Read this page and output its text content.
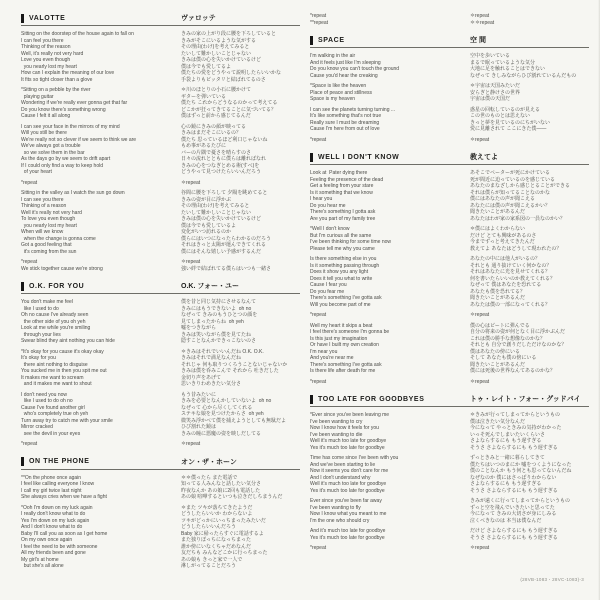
VALOTTE	ヴァロッテ
Sitting on the doorstep of the house again to fall on	きみの家の上がり段に腰を下ろしていると
I can feel you there	きみがそこにいるような気がする
Thinking of the reason	その理由(わけ)を考えてみると
Well, it's really not very hard	たいして難かしいことじゃない
Love you even though	きみは僕の心を失いかけているけど
you nearly lost my heart	僕は今でも愛してるよ
How can I explain the meaning of our love	僕たちの愛をどうやって説明したらいいかな
It fits so tight closer than a glove	手袋よりもピッタリと結ばれてるのさ
*Sitting on a pebble by the river	＊川のほとりの小石に腰かけて
playing guitar	ギターを弾いている
Wondering if we're really ever gonna get that far	僕たち これからどうなるのかって考えてる
Do you know there's something wrong	どこかが狂ってきてることに気づいてる？
Cause I felt it all along	僕はずっと前から感じてるんだ
I can see your face in the mirrors of my mind	心の鏡にきみの顔が映ってる
Will you still be there	きみはまだそこにいるの？
We're really not so clever if we seem to think we are	僕たち 思っているほど利口じゃないね
We've always got a trouble	もめ事があるたびに
so we solve them in the bar	バーの片隅で憂さを晴らすのさ
As the days go by we seem to drift apart	日々の流れとともに僕らは離ればなれ
If I could only find a way to keep hold	きみの心をつなぎとめる術(すべ)を
of your heart	どうやって見つけたらいいんだろう
*repeat	＊repeat
Sitting in the valley as I watch the sun go down	谷間に腰を下ろして 夕陽を眺めてると
I can see you there	きみの姿が目に浮かぶ
Thinking of a reason	その理由(わけ)を考えてみると
Well it's really not very hard	たいして難かしいことじゃない
To love you even though	きみは僕の心を失いかけているけど
you nearly lost my heart	僕は今でも愛しているよ
When will we know	変化がいつ訪れるのか
when the change is gonna come	僕らにはいつになったらわかるのだろう
Got a good feeling that	それはきっと太陽が運んできてくれる
it's coming from the sun	僕にはそんな嬉しい予感がするんだ
*repeat	＊repeat
We stick together cause we're strong	強い絆で結ばれてる僕らはいつも一緒さ
O.K. FOR YOU	O.K. フォー・ユー
You don't make me feel	僕を昔と同じ気持にさせるなんて
like I used to do	きみにはもうできないよ  oh no
Oh no cause I've already seen	なぜって きみのもうひとつの顔を
the other side of you oh yeh	見てしまったからね  oh yeh
Look at me while you're smiling	嘘をつきながら
through your lies	きみは笑いながら僕を見てたね
Swear blind they aint nothing you can hide	隠すことなんかできっこないのさ
*It's okay for you cause it's okay okay	＊きみはそれでいいんだね O.K. O.K.
It's okay for you	きみはそれで満足なんだね
there aint nothing to disguise	それじゃ 何も取りつくろうことないじゃないか
You sucked me in then you spit me out	きみは僕を呑みこんで それから 吐きだした
It makes me want to scream	金切り声をあげて
and it makes me want to shout	思いきりわめきたい気分さ
I don't need you now	もう昔みたいに
like I used to do oh no	きみを必要となんかしていないよ  oh no
Cause I've found another girl	なぜって 心から尽くしてくれる
who's completely true oh yeh	ステキな娘を見つけたからさ  oh yeh
Turn away try to catch me with your smile	微笑み浮かべて僕を捕えようとしても無駄だよ
Mirror cracked	ひび割れた鏡は
see the devil in your eyes	きみの瞳に悪魔の姿を映しだしてる
*repeat	＊repeat
ON THE PHONE	オン・ザ・ホーン
**On the phone once again	＊＊僕ったら また電話で
I feel like calling everyone I know	知ってる人みんなと話したい気分さ
I call my girl twice last night	昨夜なんか あの娘に2回も電話した
She always cries when we have a fight	あの娘 喧嘩するといつも泣きだしちまうんだ
*Ooh I'm down on my luck again	＊また ツキが落ちてきたようだ
I really don't know what to do	どうしたらいいか わからないよ
Yes I'm down on my luck again	ツキがどっかにいっちまったみたいだ
And I don't know what to do	どうしたらいいんだろう
Baby I'll call you as soon as I get home	Baby 家に帰ったらすぐに電話するよ
On my own once again	また独りぼっちになっちまった
I feel the need to be with someone	誰か傍にいなくちゃだめなんだ
All my friends been and gone	友だちも みんなどこかに行っちまった
My girl's at home	あの娘も きっと家で一人で
but she's all alone	淋しがってることだろう
*repeat	＊repeat
**repeat	＊＊repeat
SPACE	空 間
I'm walking in the air	空中を歩いている
And it feels just like I'm sleeping	まるで眠っているような気分
Do you know you can't touch the ground	大地に足を触れることはできない
Cause you'd hear the creaking	なぜって きしみながらひび割れているんだもの
*Space is like the heaven	＊宇宙は天国みたいだ
Place of peace and stillness	安らぎと静けさの世界
Space is my heaven	宇宙は僕の天国だ
I can see the planets turning turning ...	惑星の回転しているのが見える
It's like something that's not true	この世のものとは思えない
Really sure I must be dreaming	きっと夢を見ているのにちがいない
Cause I'm here from out of love	愛に見離されて ここにきた僕――
*repeat	＊repeat
WELL I DON'T KNOW	教えてよ
Look at  Pater dying there	あそこでペーターが死にかけている
Feeling the presence of the dead	死が間近に迫っているのを感じている
Get a feeling from your stare	あなたのまなざしから感じとることができる
Is it something that we know	それは僕らが知ってることなのかな
I hear you	僕にはあなたの声が聞こえる
Do you hear me	あなたには僕の声が聞こえるかい？
There's something I gotta ask	聞きたいことがあるんだ
Are you part of my family tree	あなたはわが家の家系図の一員なのかい？
*Well I don't know	＊僕にはよくわからない
But I'm curious all the same	だけど とても興味があるのさ
I've been thinking for some time now	今までずっと考えてきたんだ
Please tell me why you came	教えてよ あなたはどうして現われたの？
Is there something else in you	あなたの中には他人がいるの？
Is it something passing through	それとも 通り抜けていく何かなの？
Does it show you any light	それはあなたに光を見せてくれる？
Does it tell you what to write	何を書いたらいいのか教えてくれる？
Cause I fear you	なぜって 僕はあなたを恐れてる
Do you fear me	あなたも僕を恐れてる？
There's something I've gotta ask	聞きたいことがあるんだ
Will you become part of me	あなたは僕の一部になってくれる？
*repeat	＊repeat
Well my heart it skips a beat	僕の心はビートに弾んでる
I feel there's someone I'm gonna be	自分の将来の姿が何となく目に浮かぶんだ
Is this just my imagination	これは僕の勝手な想像なのかな？
Or have I built my own creation	それとも 自分で創りだしただけなのかな？
I'm near you	僕はあなたの傍にいる
And you're near me	そして あなたも僕の傍にいる
There's something I've gotta ask	聞きたいことがあるんだ
Is there life after death for me	僕には死後の世界なんてあるのかな？
*repeat	＊repeat
TOO LATE FOR GOODBYES	トゥ・レイト・フォー・グッドバイ
*Ever since you've been leaving me	＊きみが行ってしまってからというもの
I've been wanting to cry	僕は泣きたい気分なんだ
Now I know how it feels for you	今になって やっときみの気持がわかった
I've been wanting to die	いっそ死んでしまいたいくらいさ
Well it's much too late for goodbye	さよならするにも もう遅すぎる
Yes it's much too late for goodbye	そうさ さよならするにも もう遅すぎる
Time has come since I've been with you	ずっときみと一緒に暮らしてきて
And we've been starting to lie	僕たちはいつのまにか 嘘をつくようになった
Now it seems you don't care for me	僕のことなんか もう何とも思ってないんだね
And I don't understand why	なぜなのか 僕にはさっぱりわからない
Well it's much too late for goodbye	さよならするにも もう遅すぎる
Yes it's much too late for goodbye	そうさ さよならするにも もう遅すぎる
Ever since you've been far away	きみが遠くに行ってしまってからというもの
I've been wanting to fly	ずっと空を飛んでいきたいと思ってた
Now I know what you meant to me	今になって きみの大切さが身にしみる
I'm the one who should cry	泣くべきなのは 本当は僕なんだ
And it's much too late for goodbye	だけど さよならするにも もう遅すぎる
Yes it's much too late for goodbye	そうさ さよならするにも もう遅すぎる
*repeat	＊repeat
(28VB-1083・28VC-1083)-3
